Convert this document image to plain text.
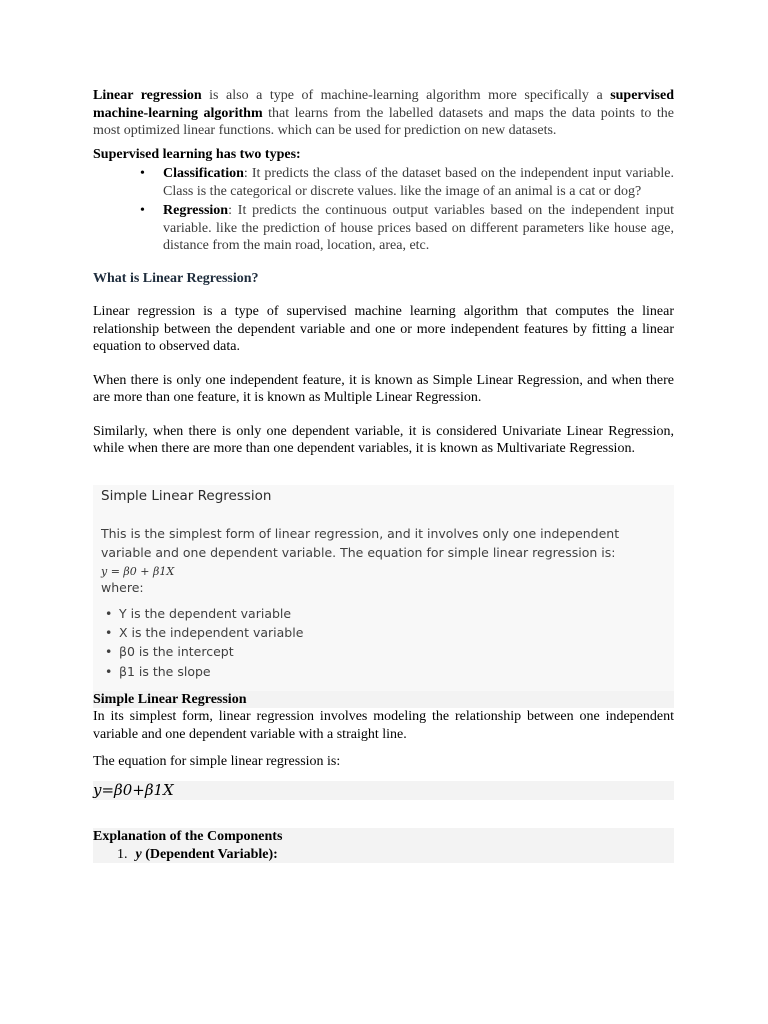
Linear regression is also a type of machine-learning algorithm more specifically a supervised machine-learning algorithm that learns from the labelled datasets and maps the data points to the most optimized linear functions. which can be used for prediction on new datasets.

Supervised learning has two types:

• Classification: It predicts the class of the dataset based on the independent input variable. Class is the categorical or discrete values. like the image of an animal is a cat or dog?
• Regression: It predicts the continuous output variables based on the independent input variable. like the prediction of house prices based on different parameters like house age, distance from the main road, location, area, etc.

What is Linear Regression?

Linear regression is a type of supervised machine learning algorithm that computes the linear relationship between the dependent variable and one or more independent features by fitting a linear equation to observed data.

When there is only one independent feature, it is known as Simple Linear Regression, and when there are more than one feature, it is known as Multiple Linear Regression.

Similarly, when there is only one dependent variable, it is considered Univariate Linear Regression, while when there are more than one dependent variables, it is known as Multivariate Regression.

Simple Linear Regression
This is the simplest form of linear regression, and it involves only one independent variable and one dependent variable. The equation for simple linear regression is:
y = β0 + β1X
where:
• Y is the dependent variable
• X is the independent variable
• β0 is the intercept
• β1 is the slope

Simple Linear Regression

In its simplest form, linear regression involves modeling the relationship between one independent variable and one dependent variable with a straight line.

The equation for simple linear regression is:

y=β0+β1X

Explanation of the Components

1. y (Dependent Variable):
